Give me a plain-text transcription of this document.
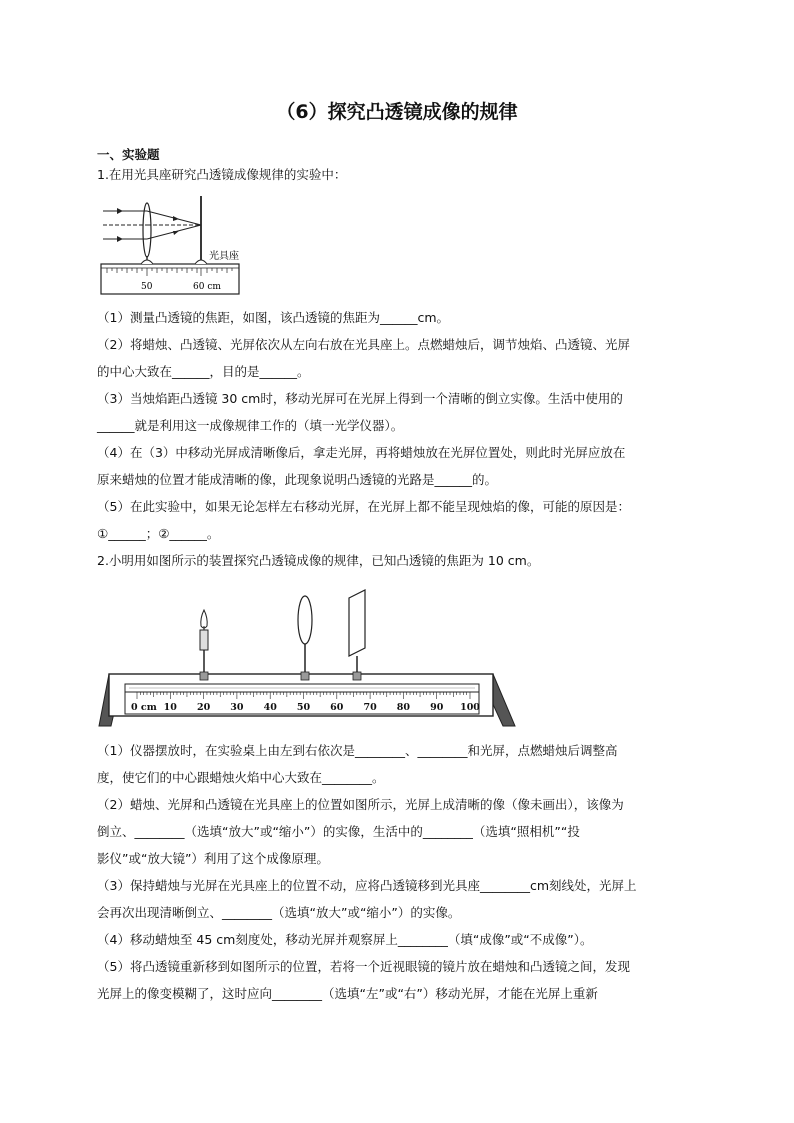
（6）探究凸透镜成像的规律
一、实验题
1.在用光具座研究凸透镜成像规律的实验中：
光具座
50	60 cm
（1）测量凸透镜的焦距，如图，该凸透镜的焦距为______cm。
（2）将蜡烛、凸透镜、光屏依次从左向右放在光具座上。点燃蜡烛后，调节烛焰、凸透镜、光屏
的中心大致在______，目的是______。
（3）当烛焰距凸透镜 30 cm时，移动光屏可在光屏上得到一个清晰的倒立实像。生活中使用的
______就是利用这一成像规律工作的（填一光学仪器）。
（4）在（3）中移动光屏成清晰像后，拿走光屏，再将蜡烛放在光屏位置处，则此时光屏应放在
原来蜡烛的位置才能成清晰的像，此现象说明凸透镜的光路是______的。
（5）在此实验中，如果无论怎样左右移动光屏，在光屏上都不能呈现烛焰的像，可能的原因是：
①______；②______。
2.小明用如图所示的装置探究凸透镜成像的规律，已知凸透镜的焦距为 10 cm。
0 cm 10 20 30 40 50 60 70 80 90 100
（1）仪器摆放时，在实验桌上由左到右依次是________、________和光屏，点燃蜡烛后调整高
度，使它们的中心跟蜡烛火焰中心大致在________。
（2）蜡烛、光屏和凸透镜在光具座上的位置如图所示，光屏上成清晰的像（像未画出），该像为
倒立、________（选填“放大”或“缩小”）的实像，生活中的________（选填“照相机”“投
影仪”或“放大镜”）利用了这个成像原理。
（3）保持蜡烛与光屏在光具座上的位置不动，应将凸透镜移到光具座________cm刻线处，光屏上
会再次出现清晰倒立、________（选填“放大”或“缩小”）的实像。
（4）移动蜡烛至 45 cm刻度处，移动光屏并观察屏上________（填“成像”或“不成像”）。
（5）将凸透镜重新移到如图所示的位置，若将一个近视眼镜的镜片放在蜡烛和凸透镜之间，发现
光屏上的像变模糊了，这时应向________（选填“左”或“右”）移动光屏，才能在光屏上重新
